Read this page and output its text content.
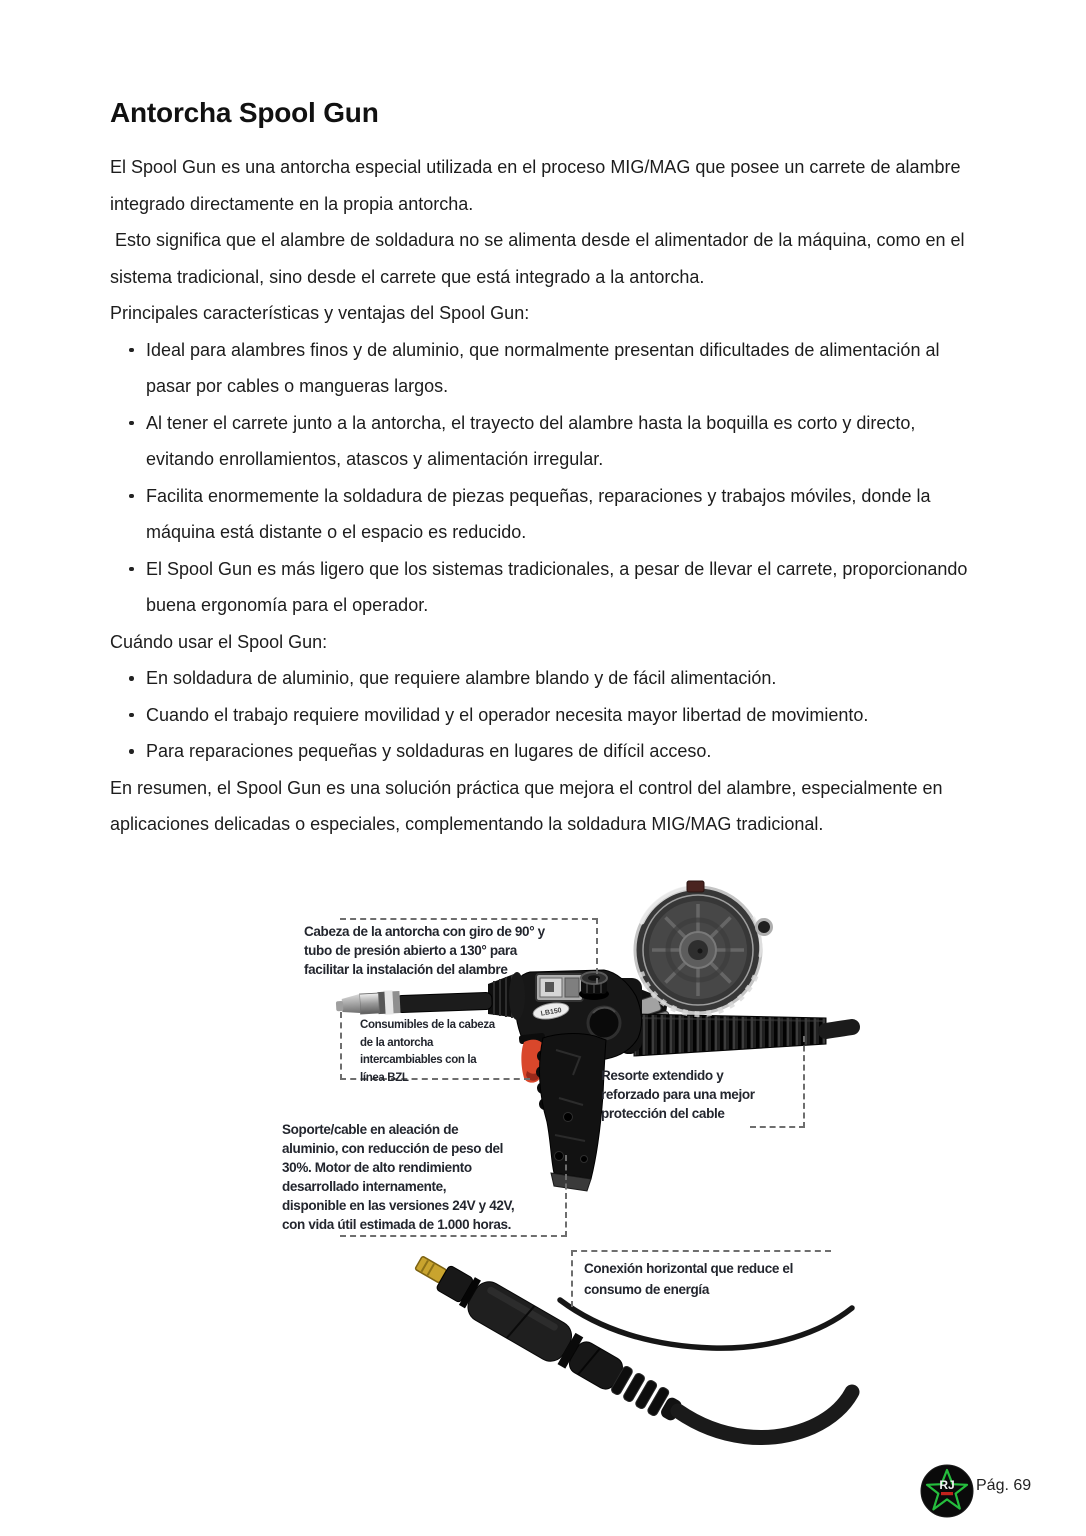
Antorcha Spool Gun

El Spool Gun es una antorcha especial utilizada en el proceso MIG/MAG que posee un carrete de alambre integrado directamente en la propia antorcha.

Esto significa que el alambre de soldadura no se alimenta desde el alimentador de la máquina, como en el sistema tradicional, sino desde el carrete que está integrado a la antorcha.

Principales características y ventajas del Spool Gun:

Ideal para alambres finos y de aluminio, que normalmente presentan dificultades de alimentación al pasar por cables o mangueras largos.
Al tener el carrete junto a la antorcha, el trayecto del alambre hasta la boquilla es corto y directo, evitando enrollamientos, atascos y alimentación irregular.
Facilita enormemente la soldadura de piezas pequeñas, reparaciones y trabajos móviles, donde la máquina está distante o el espacio es reducido.
El Spool Gun es más ligero que los sistemas tradicionales, a pesar de llevar el carrete, proporcionando buena ergonomía para el operador.

Cuándo usar el Spool Gun:

En soldadura de aluminio, que requiere alambre blando y de fácil alimentación.
Cuando el trabajo requiere movilidad y el operador necesita mayor libertad de movimiento.
Para reparaciones pequeñas y soldaduras en lugares de difícil acceso.

En resumen, el Spool Gun es una solución práctica que mejora el control del alambre, especialmente en aplicaciones delicadas o especiales, complementando la soldadura MIG/MAG tradicional.

LB150
Cabeza de la antorcha con giro de 90° y
tubo de presión abierto a 130° para
facilitar la instalación del alambre
Consumibles de la cabeza
de la antorcha
intercambiables con la
línea BZL	Resorte extendido y
reforzado para una mejor
protección del cable
Soporte/cable en aleación de
aluminio, con reducción de peso del
30%. Motor de alto rendimiento
desarrollado internamente,
disponible en las versiones 24V y 42V,
con vida útil estimada de 1.000 horas.
Conexión horizontal que reduce el
consumo de energía
RJ Pág. 69
